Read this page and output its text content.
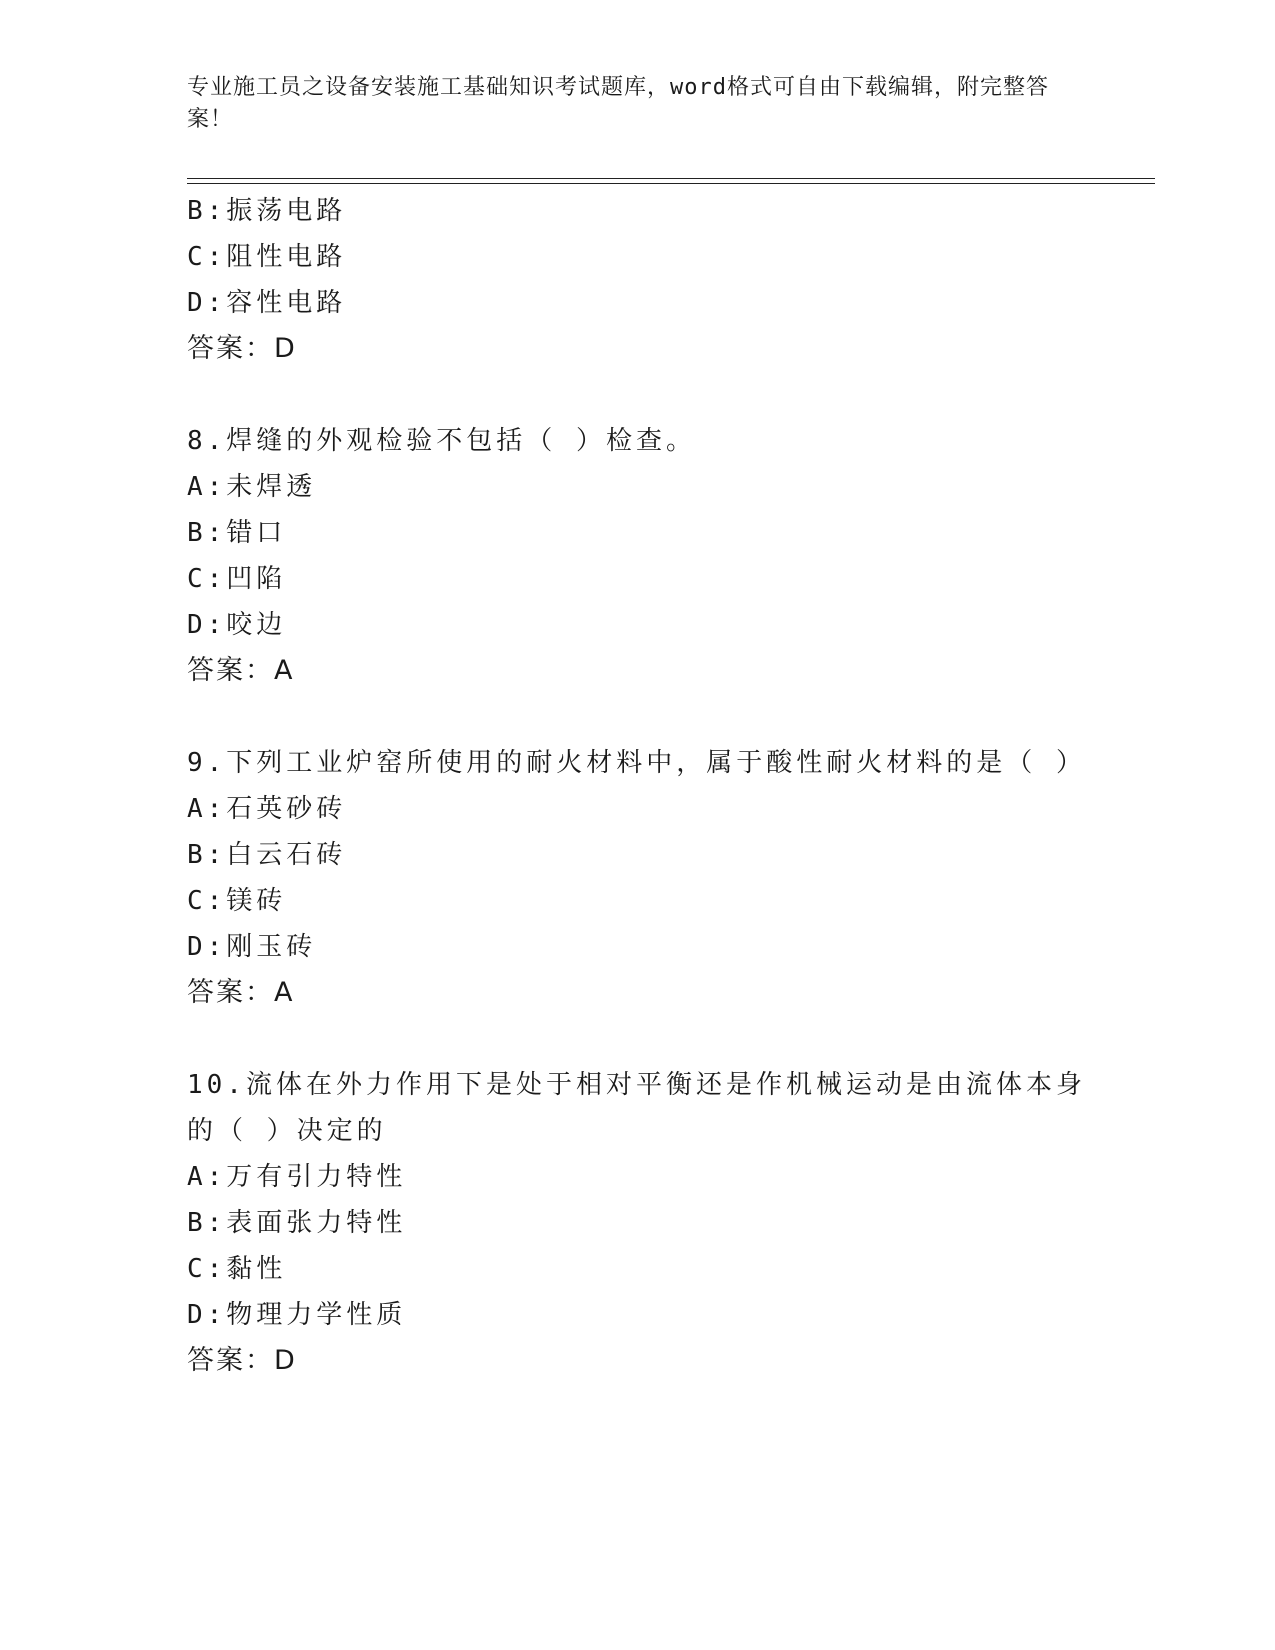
专业施工员之设备安装施工基础知识考试题库，word格式可自由下载编辑，附完整答案！
B:振荡电路
C:阻性电路
D:容性电路
答案：D
8.焊缝的外观检验不包括（ ）检查。
A:未焊透
B:错口
C:凹陷
D:咬边
答案：A
9.下列工业炉窑所使用的耐火材料中，属于酸性耐火材料的是（ ）
A:石英砂砖
B:白云石砖
C:镁砖
D:刚玉砖
答案：A
10.流体在外力作用下是处于相对平衡还是作机械运动是由流体本身的（ ）决定的
A:万有引力特性
B:表面张力特性
C:黏性
D:物理力学性质
答案：D
